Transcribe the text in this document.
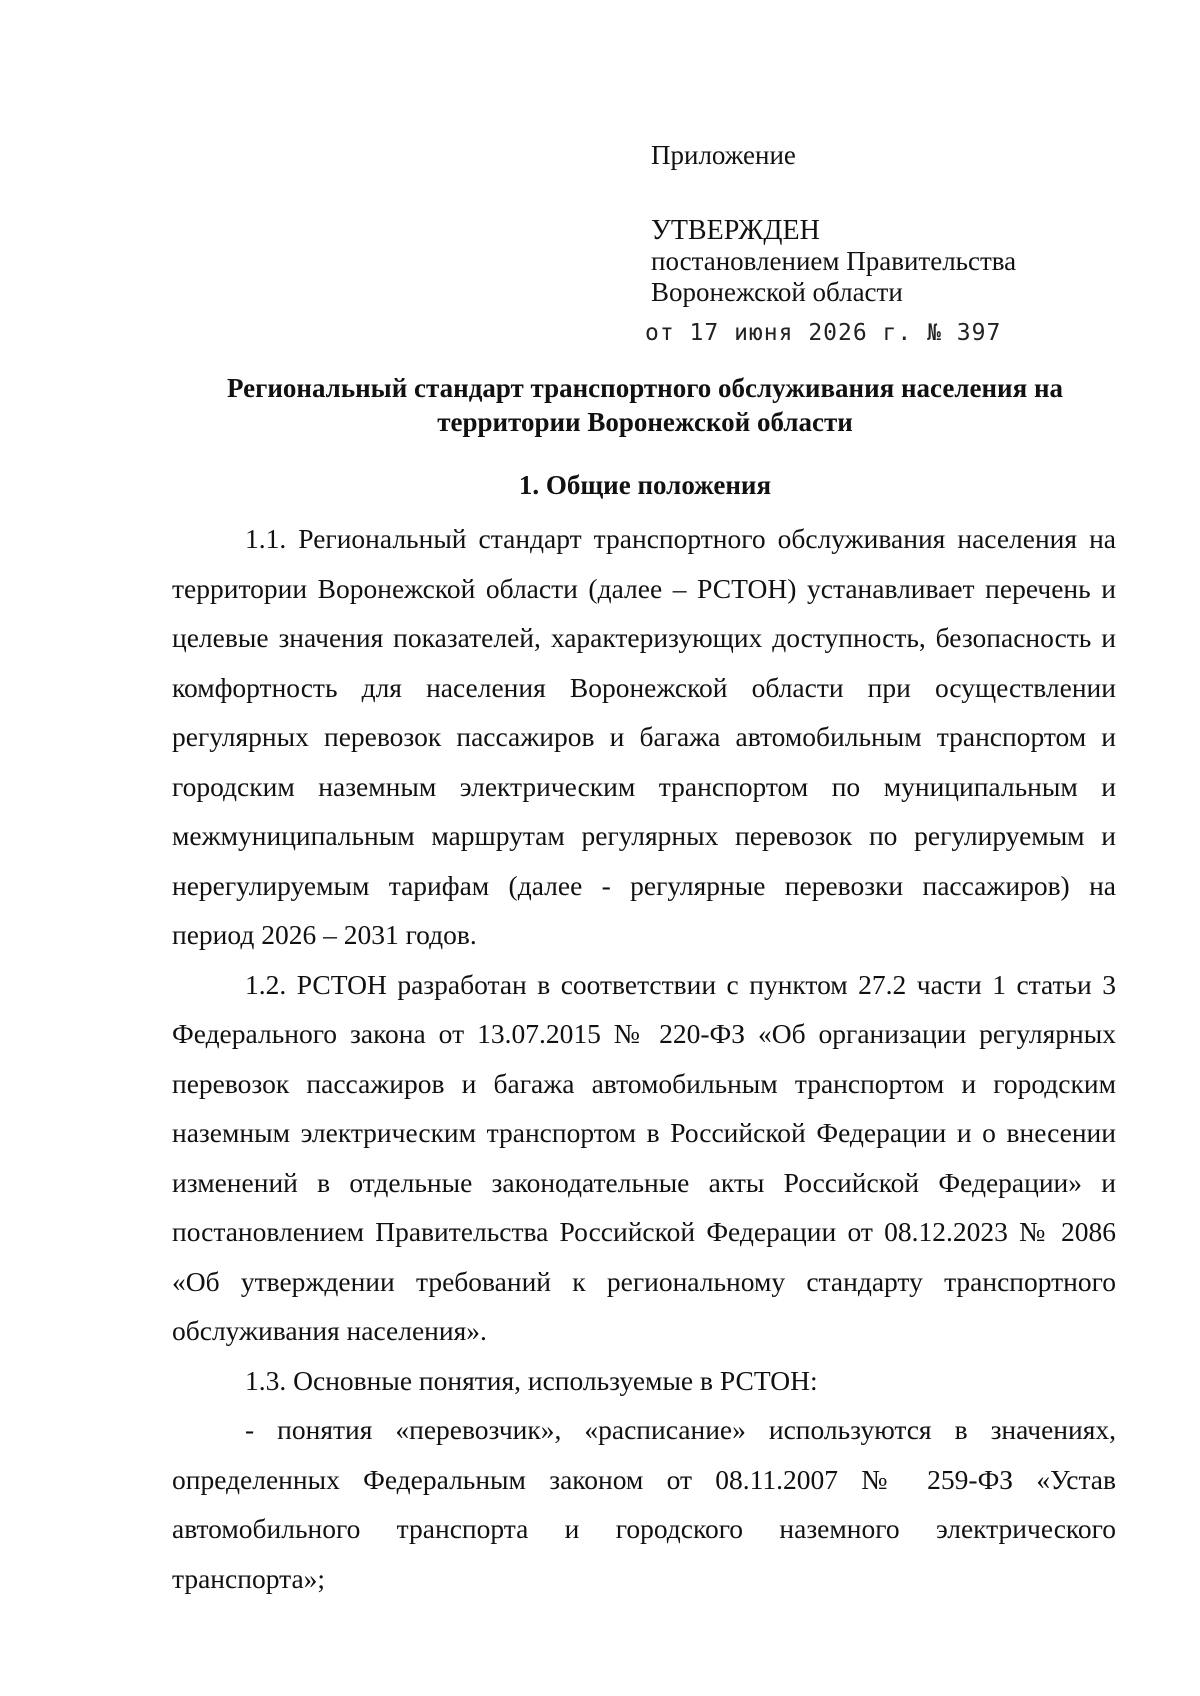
Приложение
УТВЕРЖДЕН
постановлением Правительства
Воронежской области
от 17 июня 2026 г. № 397
Региональный стандарт транспортного обслуживания населения на территории Воронежской области
1. Общие положения

1.1. Региональный стандарт транспортного обслуживания населения на территории Воронежской области (далее – РСТОН) устанавливает перечень и целевые значения показателей, характеризующих доступность, безопасность и комфортность для населения Воронежской области при осуществлении регулярных перевозок пассажиров и багажа автомобильным транспортом и городским наземным электрическим транспортом по муниципальным и межмуниципальным маршрутам регулярных перевозок по регулируемым и нерегулируемым тарифам (далее - регулярные перевозки пассажиров) на период 2026 – 2031 годов.

1.2. РСТОН разработан в соответствии с пунктом 27.2 части 1 статьи 3 Федерального закона от 13.07.2015 № 220-ФЗ «Об организации регулярных перевозок пассажиров и багажа автомобильным транспортом и городским наземным электрическим транспортом в Российской Федерации и о внесении изменений в отдельные законодательные акты Российской Федерации» и постановлением Правительства Российской Федерации от 08.12.2023 № 2086 «Об утверждении требований к региональному стандарту транспортного обслуживания населения».

1.3. Основные понятия, используемые в РСТОН:

- понятия «перевозчик», «расписание» используются в значениях, определенных Федеральным законом от 08.11.2007 № 259-ФЗ «Устав автомобильного транспорта и городского наземного электрического транспорта»;
